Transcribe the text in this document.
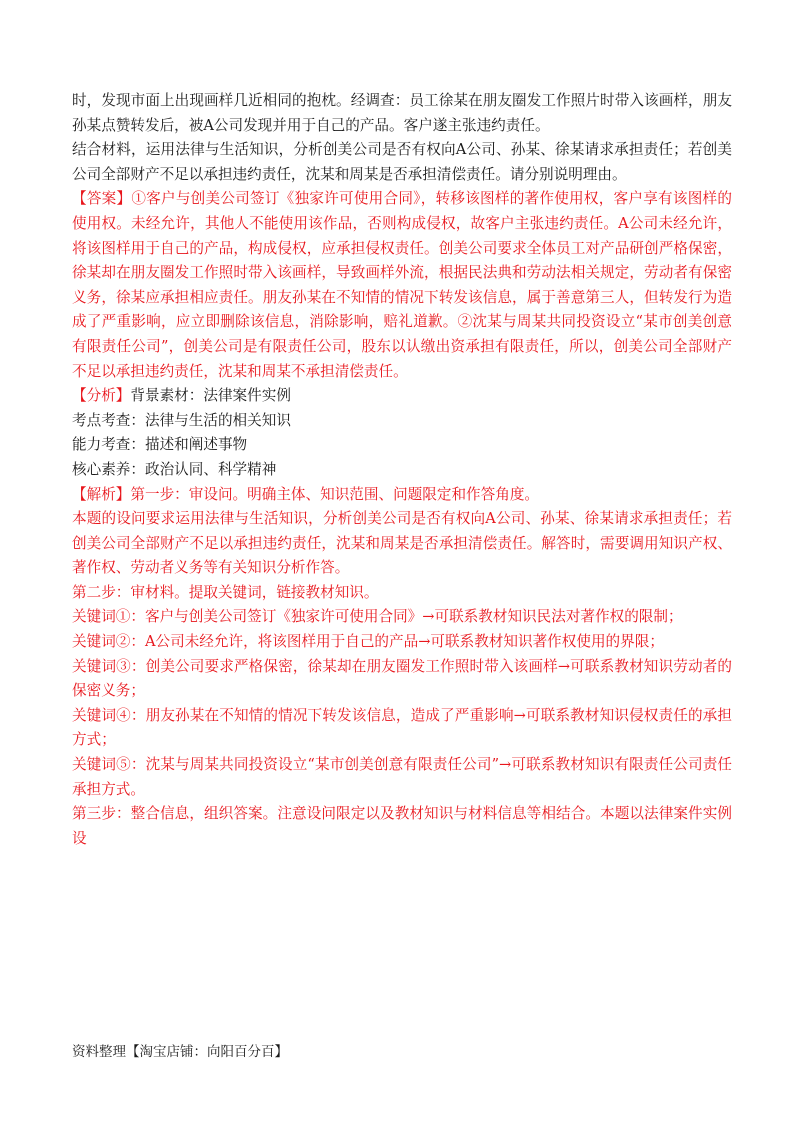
时，发现市面上出现画样几近相同的抱枕。经调查：员工徐某在朋友圈发工作照片时带入该画样，朋友孙某点赞转发后，被A公司发现并用于自己的产品。客户遂主张违约责任。

结合材料，运用法律与生活知识，分析创美公司是否有权向A公司、孙某、徐某请求承担责任；若创美公司全部财产不足以承担违约责任，沈某和周某是否承担清偿责任。请分别说明理由。

【答案】①客户与创美公司签订《独家许可使用合同》，转移该图样的著作使用权，客户享有该图样的使用权。未经允许，其他人不能使用该作品，否则构成侵权，故客户主张违约责任。A公司未经允许，将该图样用于自己的产品，构成侵权，应承担侵权责任。创美公司要求全体员工对产品研创严格保密，徐某却在朋友圈发工作照时带入该画样，导致画样外流，根据民法典和劳动法相关规定，劳动者有保密义务，徐某应承担相应责任。朋友孙某在不知情的情况下转发该信息，属于善意第三人，但转发行为造成了严重影响，应立即删除该信息，消除影响，赔礼道歉。②沈某与周某共同投资设立“某市创美创意有限责任公司”，创美公司是有限责任公司，股东以认缴出资承担有限责任，所以，创美公司全部财产不足以承担违约责任，沈某和周某不承担清偿责任。

【分析】背景素材：法律案件实例

考点考查：法律与生活的相关知识

能力考查：描述和阐述事物

核心素养：政治认同、科学精神

【解析】第一步：审设问。明确主体、知识范围、问题限定和作答角度。

本题的设问要求运用法律与生活知识，分析创美公司是否有权向A公司、孙某、徐某请求承担责任；若创美公司全部财产不足以承担违约责任，沈某和周某是否承担清偿责任。解答时，需要调用知识产权、著作权、劳动者义务等有关知识分析作答。

第二步：审材料。提取关键词，链接教材知识。

关键词①：客户与创美公司签订《独家许可使用合同》→可联系教材知识民法对著作权的限制；

关键词②：A公司未经允许，将该图样用于自己的产品→可联系教材知识著作权使用的界限；

关键词③：创美公司要求严格保密，徐某却在朋友圈发工作照时带入该画样→可联系教材知识劳动者的保密义务；

关键词④：朋友孙某在不知情的情况下转发该信息，造成了严重影响→可联系教材知识侵权责任的承担方式；

关键词⑤：沈某与周某共同投资设立“某市创美创意有限责任公司”→可联系教材知识有限责任公司责任承担方式。

第三步：整合信息，组织答案。注意设问限定以及教材知识与材料信息等相结合。本题以法律案件实例设

资料整理【淘宝店铺：向阳百分百】
